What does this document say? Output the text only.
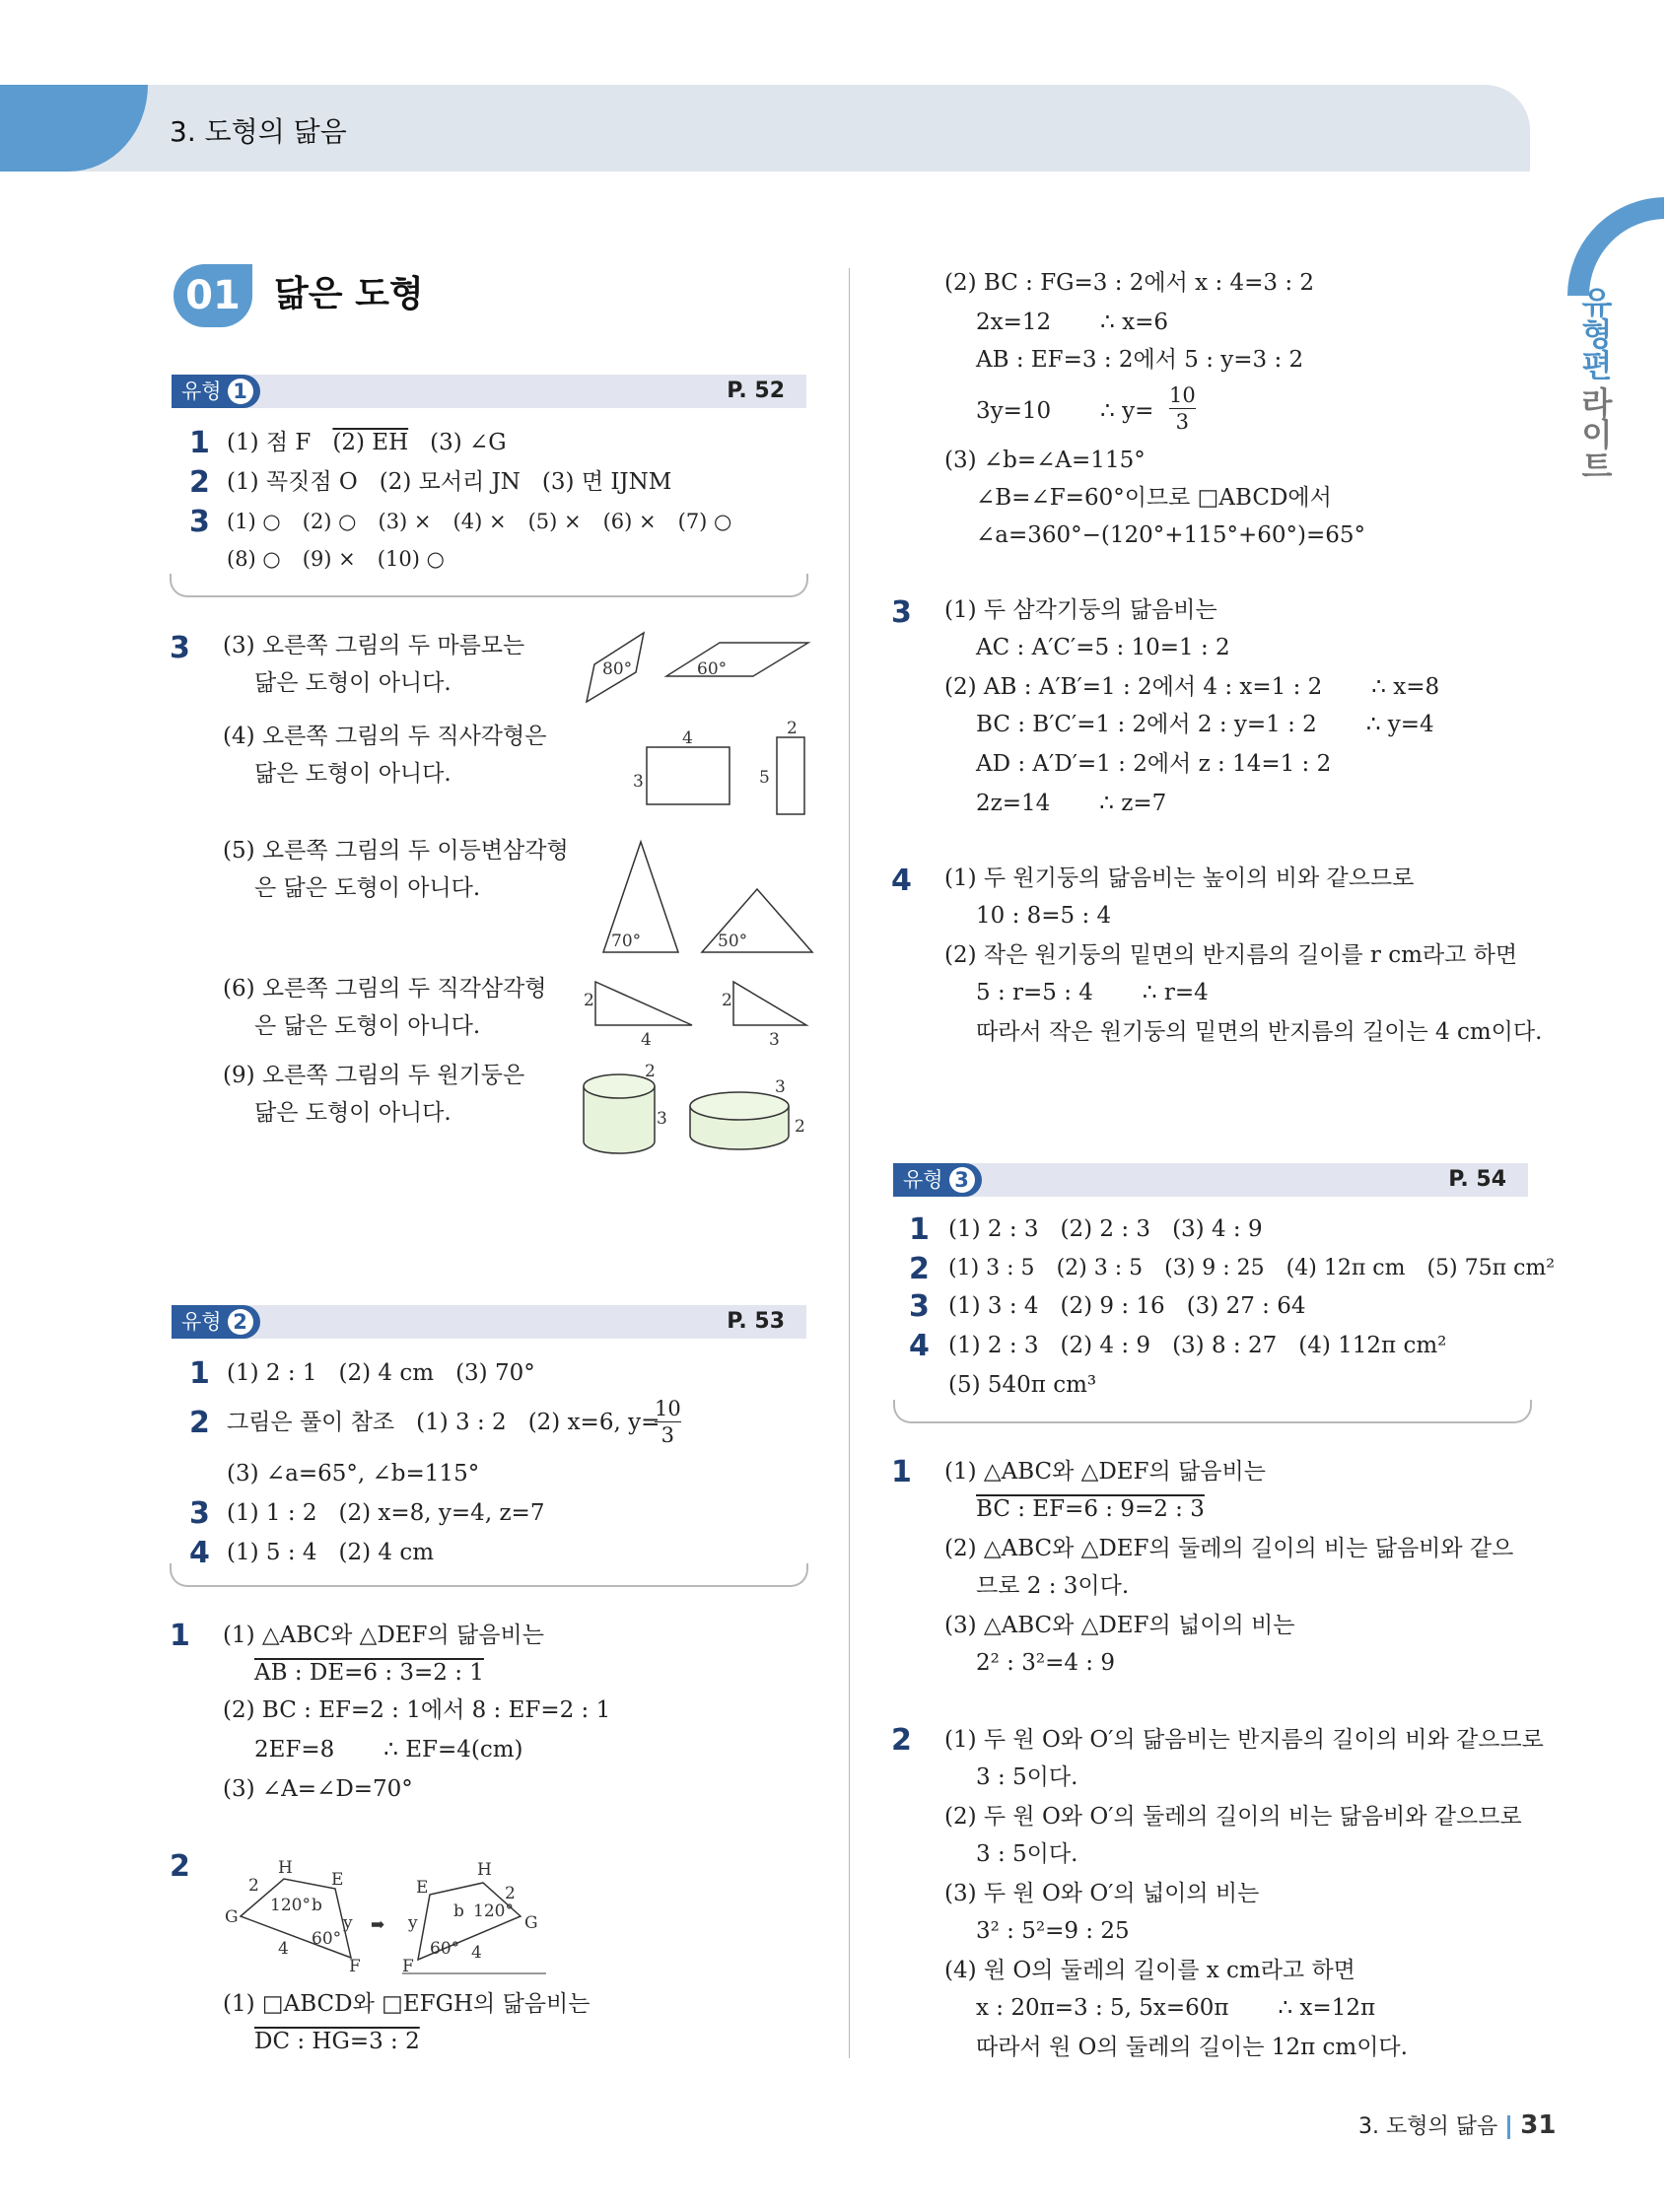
3. 도형의 닮음
유형편
라이트
01 닮은 도형
유형 1	P. 52
1 (1) 점 F (2) EH (3) ∠G
2 (1) 꼭짓점 O (2) 모서리 JN (3) 면 IJNM
3 (1) ○ (2) ○ (3) × (4) × (5) × (6) × (7) ○
(8) ○ (9) × (10) ○
3 (3) 오른쪽 그림의 두 마름모는
닮은 도형이 아니다.
80°	60°
(4) 오른쪽 그림의 두 직사각형은
닮은 도형이 아니다.
4
3
2
5
(5) 오른쪽 그림의 두 이등변삼각형
은 닮은 도형이 아니다.
70°	50°
(6) 오른쪽 그림의 두 직각삼각형
은 닮은 도형이 아니다.
2
4
2
3
(9) 오른쪽 그림의 두 원기둥은
닮은 도형이 아니다.
2
3
3
2
유형 2	P. 53
1 (1) 2 : 1 (2) 4 cm (3) 70°
2 그림은 풀이 참조 (1) 3 : 2 (2) x=6, y=
10
3
(3) ∠a=65°, ∠b=115°
3 (1) 1 : 2 (2) x=8, y=4, z=7
4 (1) 5 : 4 (2) 4 cm
1 (1) △ABC와 △DEF의 닮음비는
AB : DE=6 : 3=2 : 1
(2) BC : EF=2 : 1에서 8 : EF=2 : 1
2EF=8 ∴ EF=4(cm)
(3) ∠A=∠D=70°
2	H
E
G
F
2
4
120° b
60°
y ➡
E
H
G
F
2
4
b 120°
60°
y
(1) □ABCD와 □EFGH의 닮음비는
DC : HG=3 : 2
(2) BC : FG=3 : 2에서 x : 4=3 : 2
2x=12 ∴ x=6
AB : EF=3 : 2에서 5 : y=3 : 2
3y=10 ∴ y=
10
3
(3) ∠b=∠A=115°
∠B=∠F=60°이므로 □ABCD에서
∠a=360°−(120°+115°+60°)=65°
3 (1) 두 삼각기둥의 닮음비는
AC : A′C′=5 : 10=1 : 2
(2) AB : A′B′=1 : 2에서 4 : x=1 : 2 ∴ x=8
BC : B′C′=1 : 2에서 2 : y=1 : 2 ∴ y=4
AD : A′D′=1 : 2에서 z : 14=1 : 2
2z=14 ∴ z=7
4 (1) 두 원기둥의 닮음비는 높이의 비와 같으므로
10 : 8=5 : 4
(2) 작은 원기둥의 밑면의 반지름의 길이를 r cm라고 하면
5 : r=5 : 4 ∴ r=4
따라서 작은 원기둥의 밑면의 반지름의 길이는 4 cm이다.
유형 3	P. 54
1 (1) 2 : 3 (2) 2 : 3 (3) 4 : 9
2 (1) 3 : 5 (2) 3 : 5 (3) 9 : 25 (4) 12π cm (5) 75π cm²
3 (1) 3 : 4 (2) 9 : 16 (3) 27 : 64
4 (1) 2 : 3 (2) 4 : 9 (3) 8 : 27 (4) 112π cm²
(5) 540π cm³
1 (1) △ABC와 △DEF의 닮음비는
BC : EF=6 : 9=2 : 3
(2) △ABC와 △DEF의 둘레의 길이의 비는 닮음비와 같으
므로 2 : 3이다.
(3) △ABC와 △DEF의 넓이의 비는
2² : 3²=4 : 9
2 (1) 두 원 O와 O′의 닮음비는 반지름의 길이의 비와 같으므로
3 : 5이다.
(2) 두 원 O와 O′의 둘레의 길이의 비는 닮음비와 같으므로
3 : 5이다.
(3) 두 원 O와 O′의 넓이의 비는
3² : 5²=9 : 25
(4) 원 O의 둘레의 길이를 x cm라고 하면
x : 20π=3 : 5, 5x=60π ∴ x=12π
따라서 원 O의 둘레의 길이는 12π cm이다.
3. 도형의 닮음 31
